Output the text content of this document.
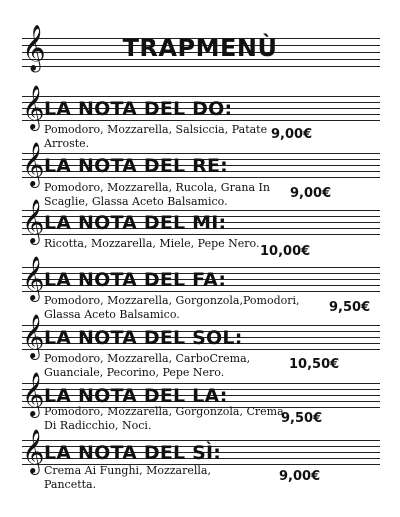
𝄞	TRAPMENÙ
𝄞 LA NOTA DEL DO:
Pomodoro, Mozzarella, Salsiccia, Patate Arroste.
9,00€
𝄞 LA NOTA DEL RE:
Pomodoro, Mozzarella, Rucola, Grana In Scaglie, Glassa Aceto Balsamico.
9,00€
𝄞 LA NOTA DEL MI:
Ricotta, Mozzarella, Miele, Pepe Nero.
10,00€
𝄞 LA NOTA DEL FA:
Pomodoro, Mozzarella, Gorgonzola,Pomodori, Glassa Aceto Balsamico.	9,50€
𝄞 LA NOTA DEL SOL:
Pomodoro, Mozzarella, CarboCrema, Guanciale, Pecorino, Pepe Nero.
10,50€
𝄞 LA NOTA DEL LA:
Pomodoro, Mozzarella, Gorgonzola, Crema Di Radicchio, Noci.	9,50€
𝄞 LA NOTA DEL SÌ:
Crema Ai Funghi, Mozzarella, Pancetta.
9,00€
